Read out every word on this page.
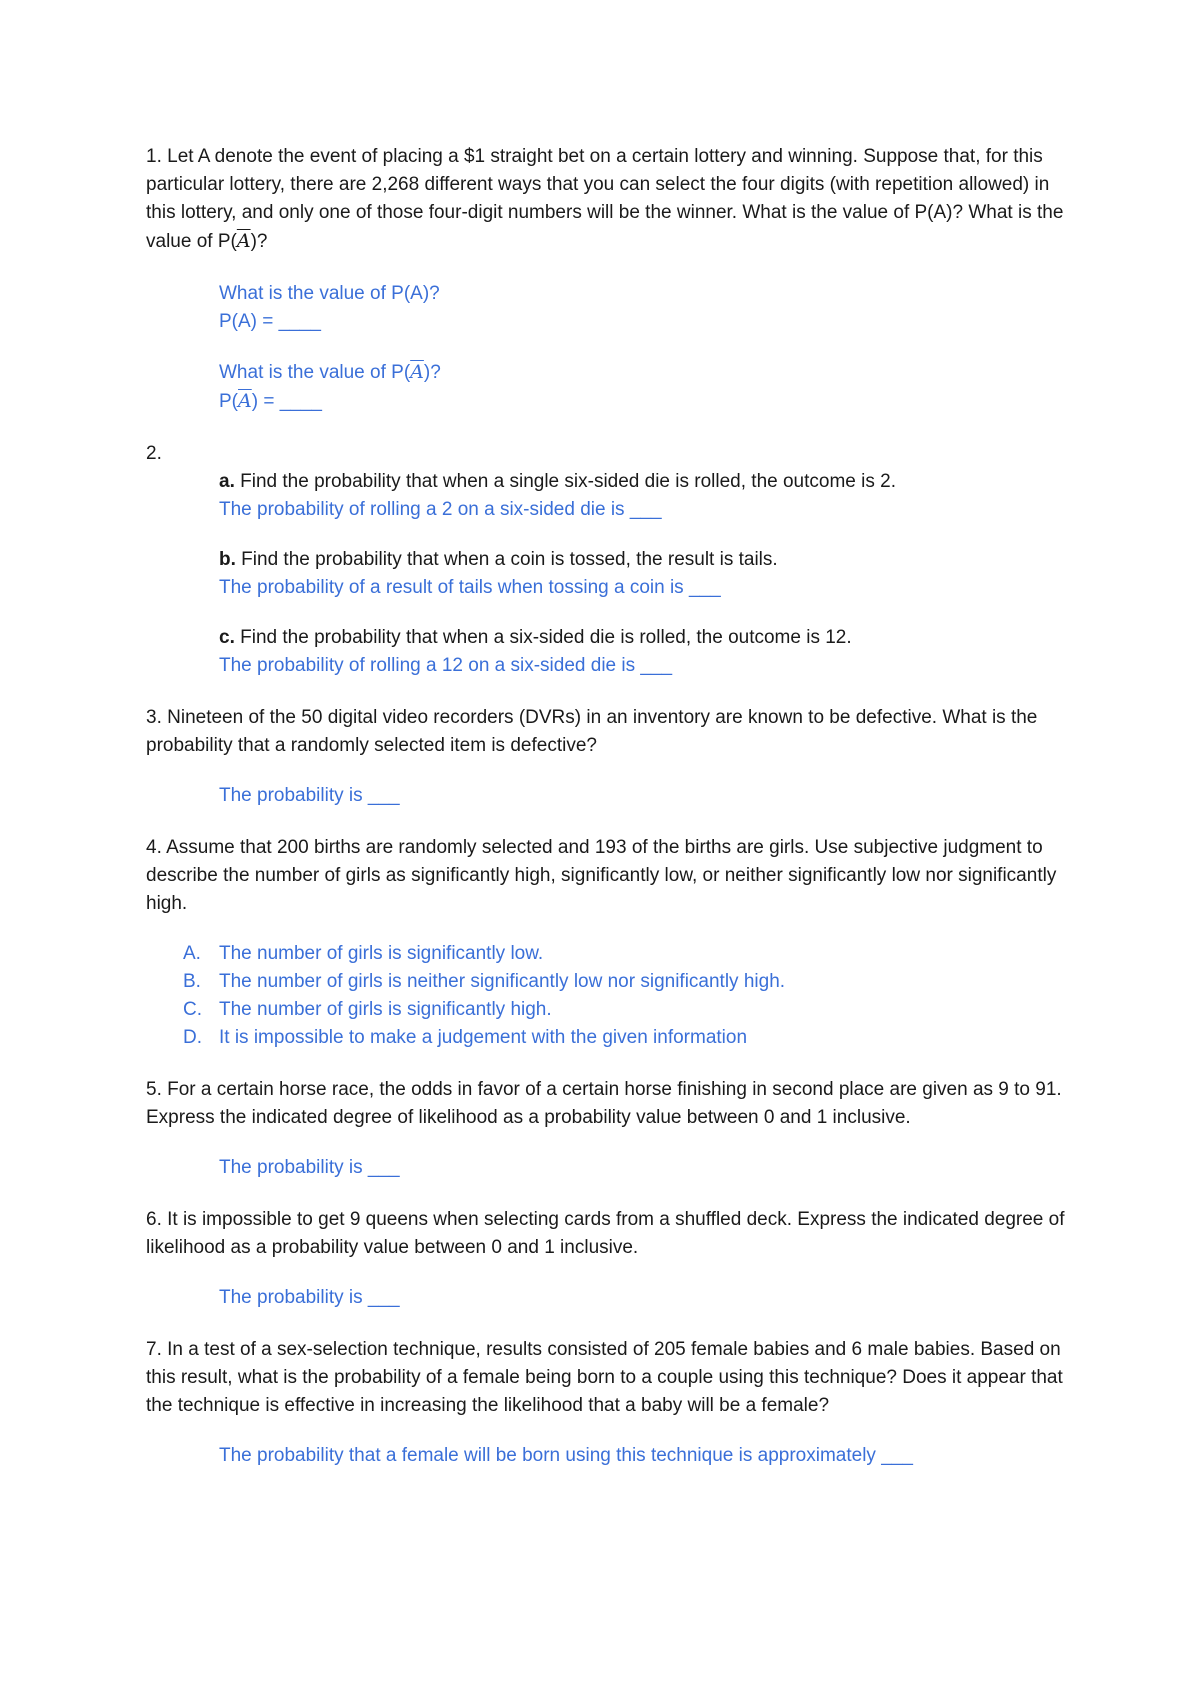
1. Let A denote the event of placing a $1 straight bet on a certain lottery and winning. Suppose that, for this particular lottery, there are 2,268 different ways that you can select the four digits (with repetition allowed) in this lottery, and only one of those four-digit numbers will be the winner. What is the value of P(A)? What is the value of $P(\overline{A})$?

What is the value of P(A)?

P(A) = ____

What is the value of $P(\overline{A})$?

$P(\overline{A})$ = ____

2.

a. Find the probability that when a single six-sided die is rolled, the outcome is 2.

The probability of rolling a 2 on a six-sided die is ___

b. Find the probability that when a coin is tossed, the result is tails.

The probability of a result of tails when tossing a coin is ___

c. Find the probability that when a six-sided die is rolled, the outcome is 12.

The probability of rolling a 12 on a six-sided die is ___

3. Nineteen of the 50 digital video recorders (DVRs) in an inventory are known to be defective. What is the probability that a randomly selected item is defective?

The probability is ___

4. Assume that 200 births are randomly selected and 193 of the births are girls. Use subjective judgment to describe the number of girls as significantly high, significantly low, or neither significantly low nor significantly high.

A. The number of girls is significantly low.
B. The number of girls is neither significantly low nor significantly high.
C. The number of girls is significantly high.
D. It is impossible to make a judgement with the given information

5. For a certain horse race, the odds in favor of a certain horse finishing in second place are given as 9 to 91. Express the indicated degree of likelihood as a probability value between 0 and 1 inclusive.

The probability is ___

6. It is impossible to get 9 queens when selecting cards from a shuffled deck. Express the indicated degree of likelihood as a probability value between 0 and 1 inclusive.

The probability is ___

7. In a test of a sex-selection technique, results consisted of 205 female babies and 6 male babies. Based on this result, what is the probability of a female being born to a couple using this technique? Does it appear that the technique is effective in increasing the likelihood that a baby will be a female?

The probability that a female will be born using this technique is approximately ___
